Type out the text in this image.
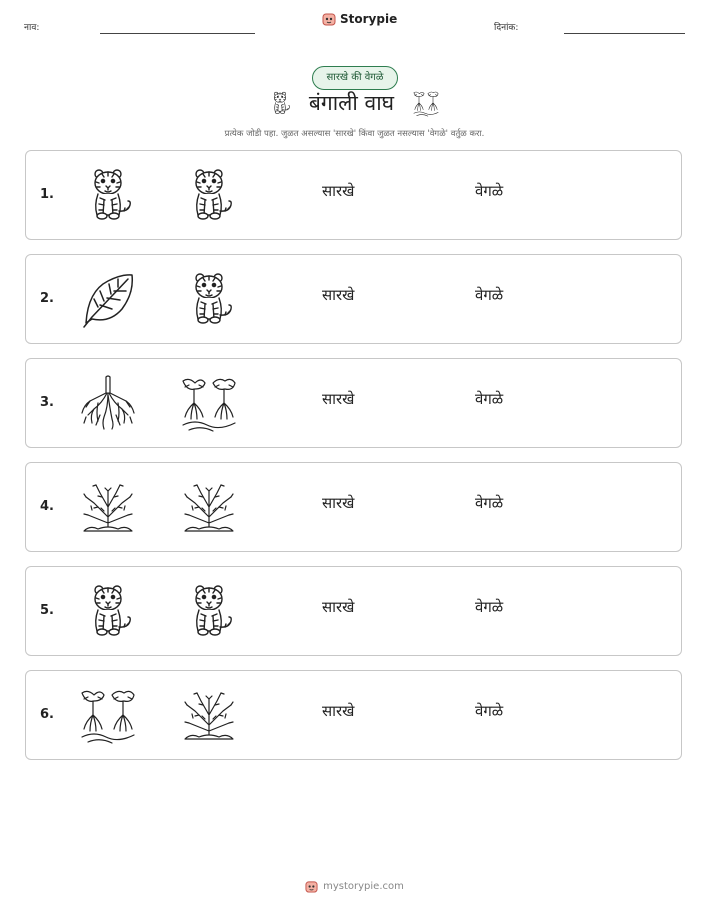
नाव:
Storypie
दिनांक:
सारखे की वेगळे
बंगाली वाघ
प्रत्येक जोडी पहा. जुळत असल्यास 'सारखे' किंवा जुळत नसल्यास 'वेगळे' वर्तुळ करा.
1.	सारखे	वेगळे
2.	सारखे	वेगळे
3.	सारखे	वेगळे
4.	सारखे	वेगळे
5.	सारखे	वेगळे
6.	सारखे	वेगळे
mystorypie.com
